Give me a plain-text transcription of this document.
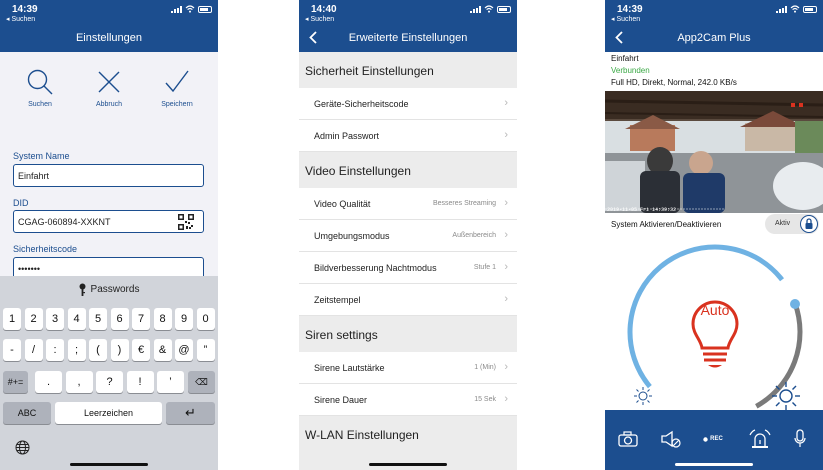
14:39
◂ Suchen
Einstellungen
Suchen	Abbruch	Speichern
System Name
Einfahrt
DID
CGAG-060894-XXKNT
Sicherheitscode
•••••••
Passwords
1	2	3	4	5	6	7	8	9	0
-	/	:	;	(	)	€	&	@	”
#+=	.	,	?	!	’	⌫
ABC	Leerzeichen	↵
14:40
◂ Suchen
Erweiterte Einstellungen
Sicherheit Einstellungen
Geräte-Sicherheitscode	›
Admin Passwort	›
Video Einstellungen
Video Qualität	Besseres Streaming ›
Umgebungsmodus	Außenbereich ›
Bildverbesserung Nachtmodus	Stufe 1 ›
Zeitstempel	›
Siren settings
Sirene Lautstärke	1 (Min) ›
Sirene Dauer	15 Sek ›
W-LAN Einstellungen
14:39
◂ Suchen
App2Cam Plus
Einfahrt
Verbunden
Full HD, Direkt, Normal, 242.0 KB/s
2019-11-05 Fri 14:39:32
System Aktivieren/Deaktivieren	Aktiv
Auto
REC
